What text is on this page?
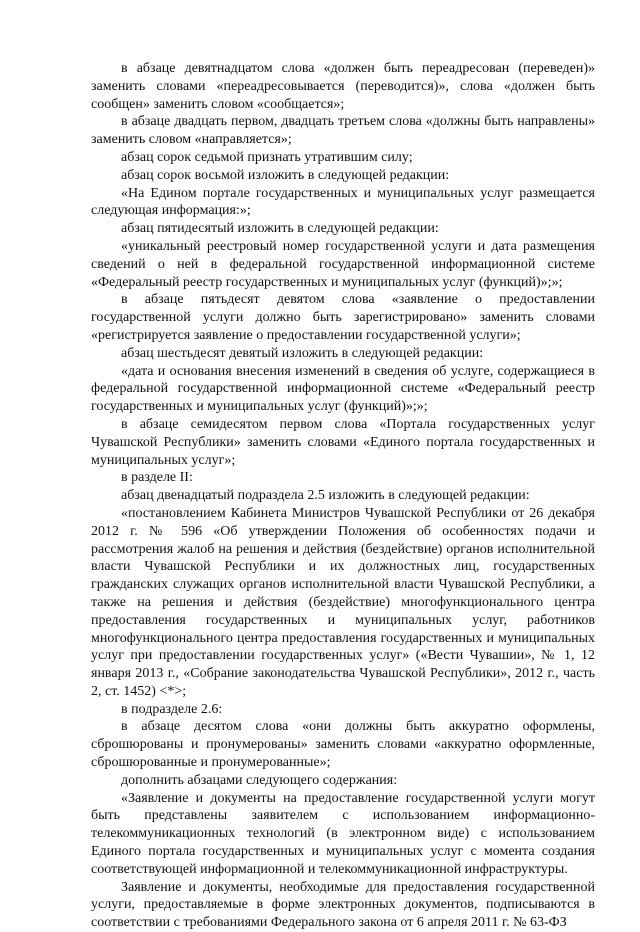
в абзаце девятнадцатом слова «должен быть переадресован (переведен)» заменить словами «переадресовывается (переводится)», слова «должен быть сообщен» заменить словом «сообщается»;

в абзаце двадцать первом, двадцать третьем слова «должны быть направлены» заменить словом «направляется»;

абзац сорок седьмой признать утратившим силу;

абзац сорок восьмой изложить в следующей редакции:

«На Едином портале государственных и муниципальных услуг размещается следующая информация:»;

абзац пятидесятый изложить в следующей редакции:

«уникальный реестровый номер государственной услуги и дата размещения сведений о ней в федеральной государственной информационной системе «Федеральный реестр государственных и муниципальных услуг (функций)»;»;

в абзаце пятьдесят девятом слова «заявление о предоставлении государственной услуги должно быть зарегистрировано» заменить словами «регистрируется заявление о предоставлении государственной услуги»;

абзац шестьдесят девятый изложить в следующей редакции:

«дата и основания внесения изменений в сведения об услуге, содержащиеся в федеральной государственной информационной системе «Федеральный реестр государственных и муниципальных услуг (функций)»;»;

в абзаце семидесятом первом слова «Портала государственных услуг Чувашской Республики» заменить словами «Единого портала государственных и муниципальных услуг»;

в разделе II:

абзац двенадцатый подраздела 2.5 изложить в следующей редакции:

«постановлением Кабинета Министров Чувашской Республики от 26 декабря 2012 г. № 596 «Об утверждении Положения об особенностях подачи и рассмотрения жалоб на решения и действия (бездействие) органов исполнительной власти Чувашской Республики и их должностных лиц, государственных гражданских служащих органов исполнительной власти Чувашской Республики, а также на решения и действия (бездействие) многофункционального центра предоставления государственных и муниципальных услуг, работников многофункционального центра предоставления государственных и муниципальных услуг при предоставлении государственных услуг» («Вести Чувашии», № 1, 12 января 2013 г., «Собрание законодательства Чувашской Республики», 2012 г., часть 2, ст. 1452) <*>;

в подразделе 2.6:

в абзаце десятом слова «они должны быть аккуратно оформлены, сброшюрованы и пронумерованы» заменить словами «аккуратно оформленные, сброшюрованные и пронумерованные»;

дополнить абзацами следующего содержания:

«Заявление и документы на предоставление государственной услуги могут быть представлены заявителем с использованием информационно-телекоммуникационных технологий (в электронном виде) с использованием Единого портала государственных и муниципальных услуг с момента создания соответствующей информационной и телекоммуникационной инфраструктуры.

Заявление и документы, необходимые для предоставления государственной услуги, предоставляемые в форме электронных документов, подписываются в соответствии с требованиями Федерального закона от 6 апреля 2011 г. № 63-ФЗ
